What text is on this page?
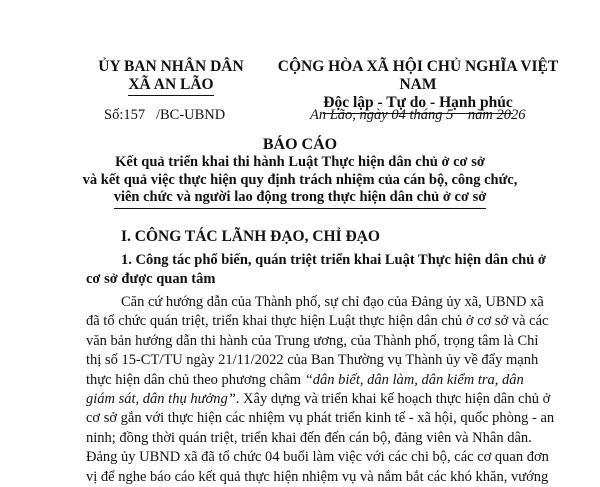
ỦY BAN NHÂN DÂN
XÃ AN LÃO
CỘNG HÒA XÃ HỘI CHỦ NGHĨA VIỆT NAM
Độc lập - Tự do - Hạnh phúc
Số:157   /BC-UBND	An Lão, ngày 04 tháng 5    năm 2026
BÁO CÁO
Kết quả triển khai thi hành Luật Thực hiện dân chủ ở cơ sở
và kết quả việc thực hiện quy định trách nhiệm của cán bộ, công chức,
viên chức và người lao động trong thực hiện dân chủ ở cơ sở
I. CÔNG TÁC LÃNH ĐẠO, CHỈ ĐẠO
1. Công tác phổ biến, quán triệt triển khai Luật Thực hiện dân chủ ở
cơ sở được quan tâm
Căn cứ hướng dẫn của Thành phố, sự chỉ đạo của Đảng ủy xã, UBND xã
đã tổ chức quán triệt, triển khai thực hiện Luật thực hiện dân chủ ở cơ sở và các
văn bản hướng dẫn thi hành của Trung ương, của Thành phố, trọng tâm là Chỉ
thị số 15-CT/TU ngày 21/11/2022 của Ban Thường vụ Thành ủy về đẩy mạnh
thực hiện dân chủ theo phương châm “dân biết, dân làm, dân kiểm tra, dân
giám sát, dân thụ hưởng”. Xây dựng và triển khai kế hoạch thực hiện dân chủ ở
cơ sở gắn với thực hiện các nhiệm vụ phát triển kinh tế - xã hội, quốc phòng - an
ninh; đồng thời quán triệt, triển khai đến đến cán bộ, đảng viên và Nhân dân.
Đảng ủy UBND xã đã tổ chức 04 buổi làm việc với các chi bộ, các cơ quan đơn
vị để nghe báo cáo kết quả thực hiện nhiệm vụ và nắm bắt các khó khăn, vướng
